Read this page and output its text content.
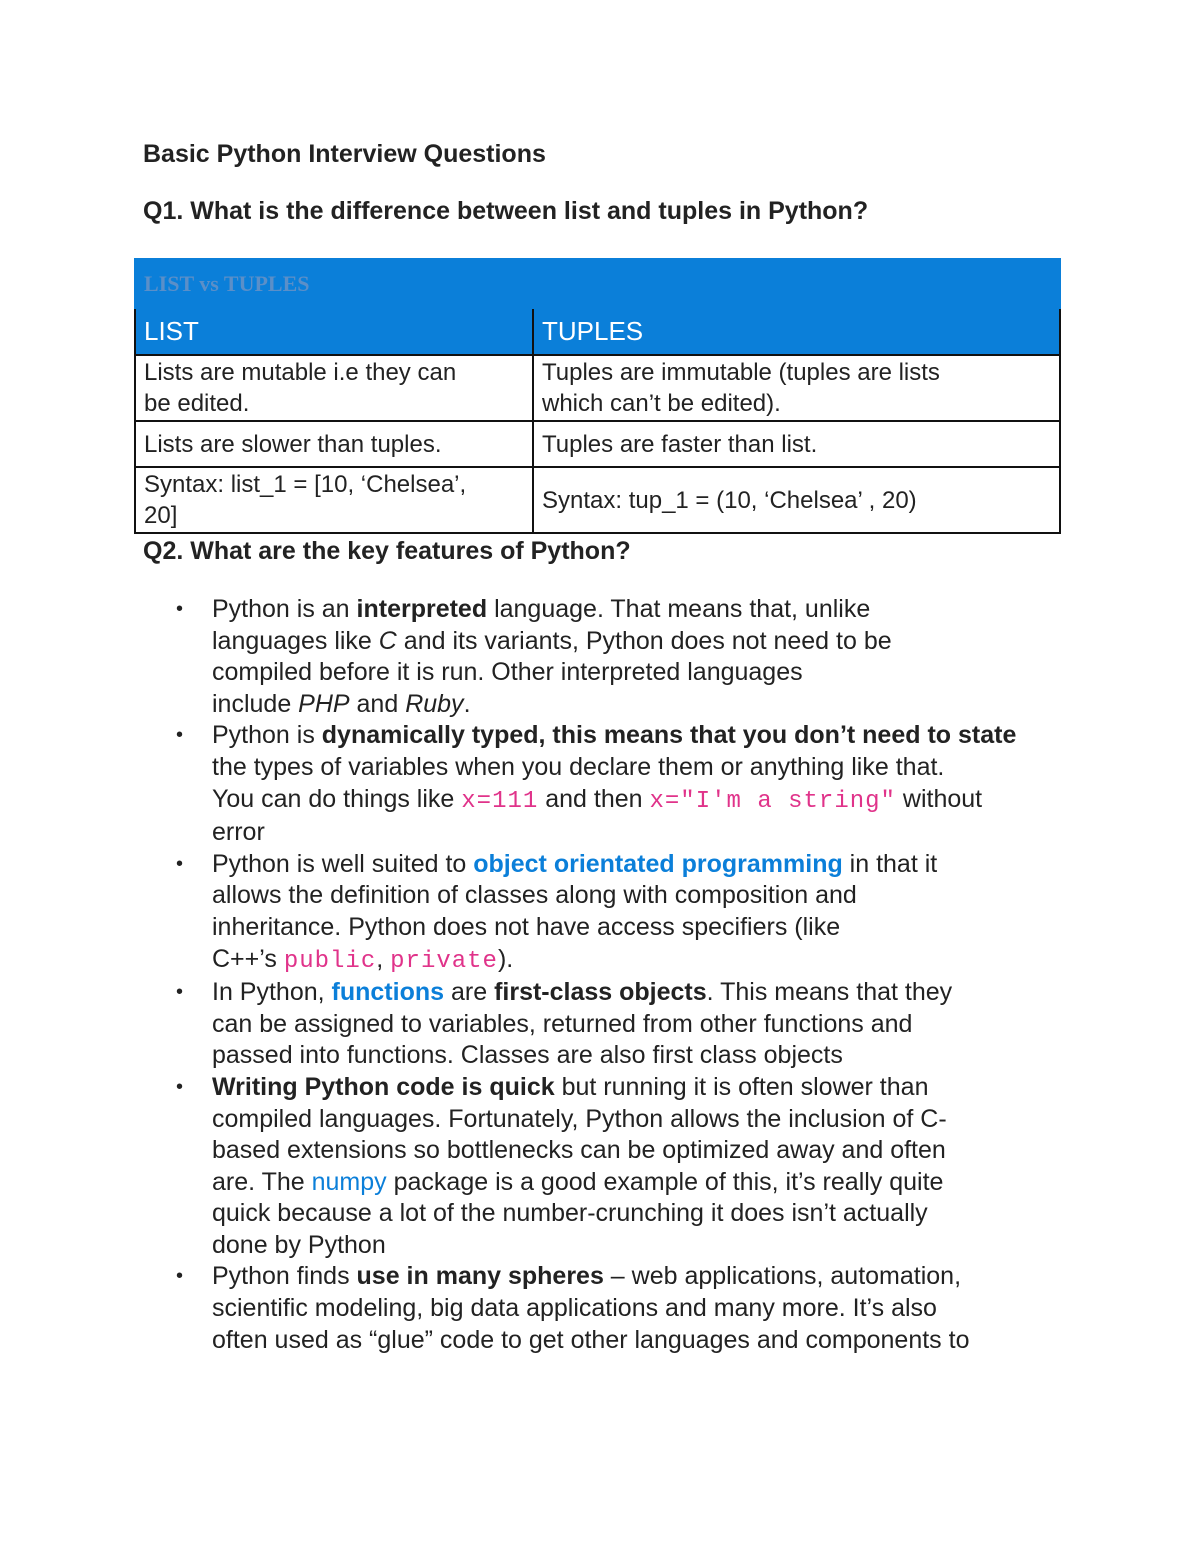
Basic Python Interview Questions
Q1. What is the difference between list and tuples in Python?
LIST vs TUPLES	
LIST	TUPLES

Lists are mutable i.e they can
be edited.	Tuples are immutable (tuples are lists
which can’t be edited).

Lists are slower than tuples.	Tuples are faster than list.

Syntax: list_1 = [10, ‘Chelsea’,
20]	Syntax: tup_1 = (10, ‘Chelsea’ , 20)
Q2. What are the key features of Python?
• Python is an interpreted language. That means that, unlike
languages like C and its variants, Python does not need to be
compiled before it is run. Other interpreted languages
include PHP and Ruby.
• Python is dynamically typed, this means that you don’t need to state
the types of variables when you declare them or anything like that.
You can do things like x=111 and then x="I'm a string" without
error
• Python is well suited to object orientated programming in that it
allows the definition of classes along with composition and
inheritance. Python does not have access specifiers (like
C++’s public, private).
• In Python, functions are first-class objects. This means that they
can be assigned to variables, returned from other functions and
passed into functions. Classes are also first class objects
• Writing Python code is quick but running it is often slower than
compiled languages. Fortunately, Python allows the inclusion of C-
based extensions so bottlenecks can be optimized away and often
are. The numpy package is a good example of this, it’s really quite
quick because a lot of the number-crunching it does isn’t actually
done by Python
• Python finds use in many spheres – web applications, automation,
scientific modeling, big data applications and many more. It’s also
often used as “glue” code to get other languages and components to
